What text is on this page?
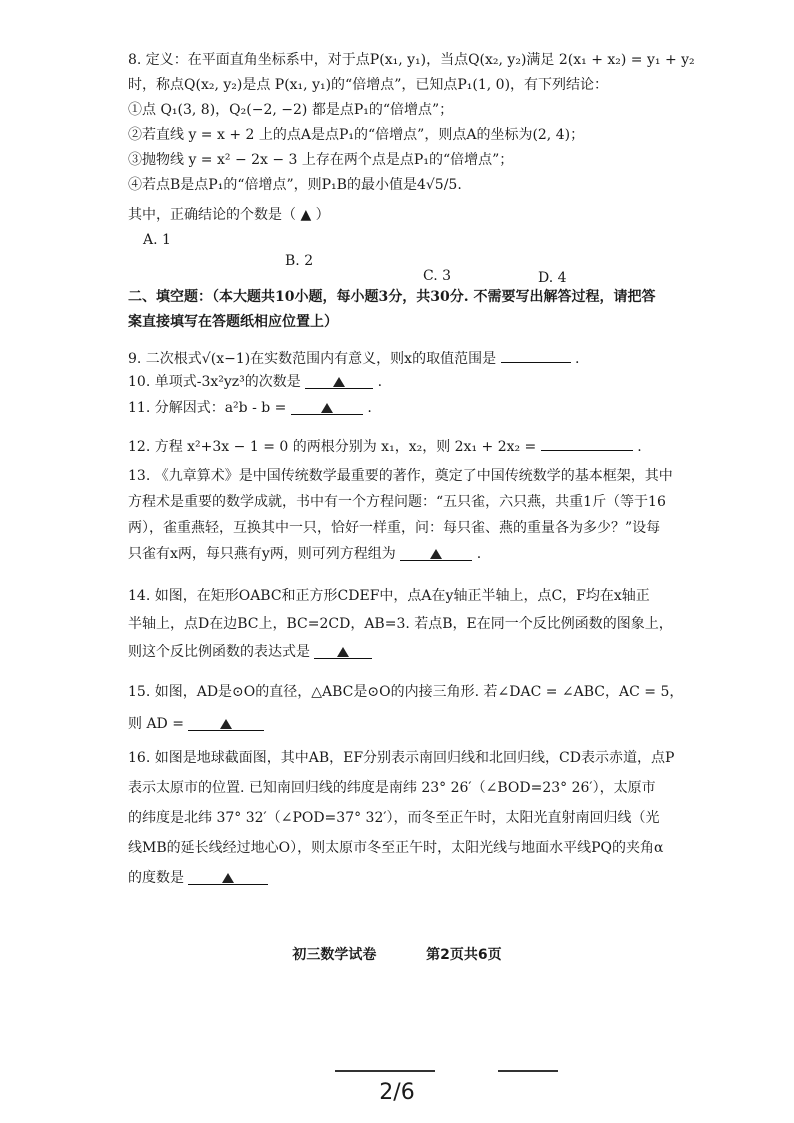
8. 定义：在平面直角坐标系中，对于点P(x₁, y₁)，当点Q(x₂, y₂)满足 2(x₁ + x₂) = y₁ + y₂
时，称点Q(x₂, y₂)是点 P(x₁, y₁)的“倍增点”，已知点P₁(1, 0)，有下列结论：
①点 Q₁(3, 8)，Q₂(−2, −2) 都是点P₁的“倍增点”；
②若直线 y = x + 2 上的点A是点P₁的“倍增点”，则点A的坐标为(2, 4)；
③抛物线 y = x² − 2x − 3 上存在两个点是点P₁的“倍增点”；
④若点B是点P₁的“倍增点”，则P₁B的最小值是4√5/5.
其中，正确结论的个数是（ ▲ ）
A. 1
B. 2
C. 3	D. 4
二、填空题：（本大题共10小题，每小题3分，共30分. 不需要写出解答过程，请把答
案直接填写在答题纸相应位置上）
9. 二次根式√(x−1)在实数范围内有意义，则x的取值范围是	.
10. 单项式-3x²yz³的次数是	.
11. 分解因式：a²b - b =	.
12. 方程 x²+3x − 1 = 0 的两根分别为 x₁，x₂，则 2x₁ + 2x₂ =	.
13. 《九章算术》是中国传统数学最重要的著作，奠定了中国传统数学的基本框架，其中
方程术是重要的数学成就，书中有一个方程问题：“五只雀，六只燕，共重1斤（等于16
两），雀重燕轻，互换其中一只，恰好一样重，问：每只雀、燕的重量各为多少？”设每
只雀有x两，每只燕有y两，则可列方程组为	.
14. 如图，在矩形OABC和正方形CDEF中，点A在y轴正半轴上，点C，F均在x轴正
半轴上，点D在边BC上，BC=2CD，AB=3. 若点B，E在同一个反比例函数的图象上，
则这个反比例函数的表达式是
15. 如图，AD是⊙O的直径，△ABC是⊙O的内接三角形. 若∠DAC = ∠ABC，AC = 5，
则 AD =
16. 如图是地球截面图，其中AB，EF分别表示南回归线和北回归线，CD表示赤道，点P
表示太原市的位置. 已知南回归线的纬度是南纬 23° 26′（∠BOD=23° 26′），太原市
的纬度是北纬 37° 32′（∠POD=37° 32′），而冬至正午时，太阳光直射南回归线（光
线MB的延长线经过地心O），则太原市冬至正午时，太阳光线与地面水平线PQ的夹角α
的度数是
初三数学试卷	第2页共6页
2/6
